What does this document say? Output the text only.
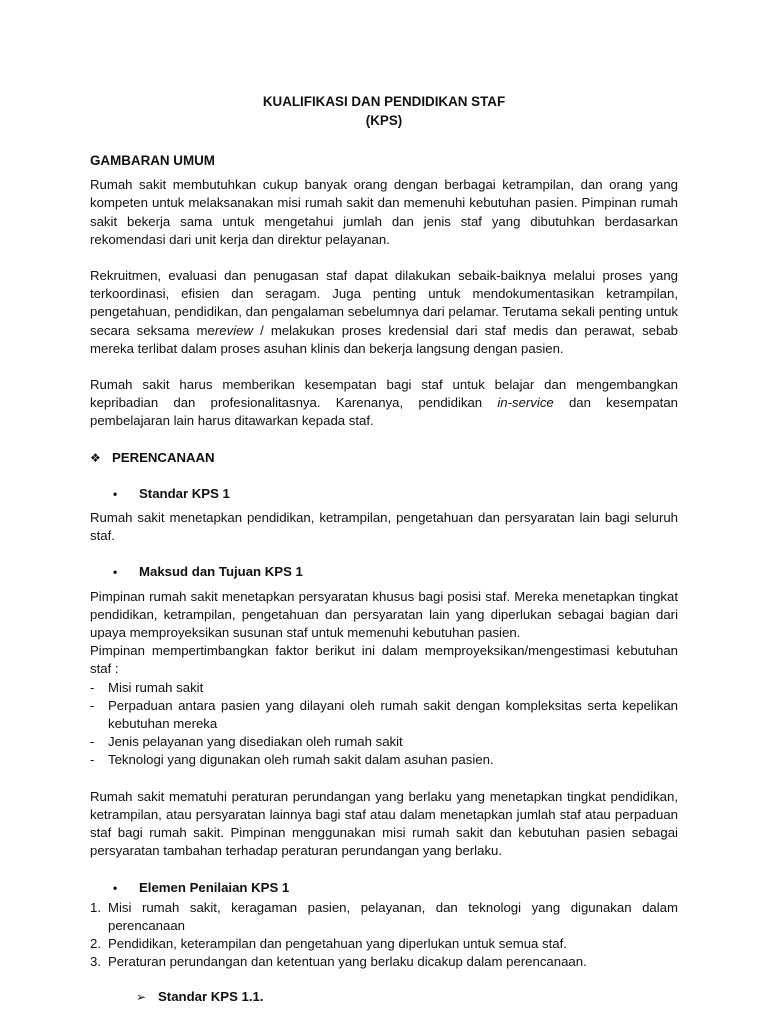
KUALIFIKASI DAN PENDIDIKAN STAF
(KPS)
GAMBARAN UMUM

Rumah sakit membutuhkan cukup banyak orang dengan berbagai ketrampilan, dan orang yang kompeten untuk melaksanakan misi rumah sakit dan memenuhi kebutuhan pasien. Pimpinan rumah sakit bekerja sama untuk mengetahui jumlah dan jenis staf yang dibutuhkan berdasarkan rekomendasi dari unit kerja dan direktur pelayanan.

Rekruitmen, evaluasi dan penugasan staf dapat dilakukan sebaik-baiknya melalui proses yang terkoordinasi, efisien dan seragam. Juga penting untuk mendokumentasikan ketrampilan, pengetahuan, pendidikan, dan pengalaman sebelumnya dari pelamar. Terutama sekali penting untuk secara seksama mereview / melakukan proses kredensial dari staf medis dan perawat, sebab mereka terlibat dalam proses asuhan klinis dan bekerja langsung dengan pasien.

Rumah sakit harus memberikan kesempatan bagi staf untuk belajar dan mengembangkan kepribadian dan profesionalitasnya. Karenanya, pendidikan in-service dan kesempatan pembelajaran lain harus ditawarkan kepada staf.

❖ PERENCANAAN
•	Standar KPS 1

Rumah sakit menetapkan pendidikan, ketrampilan, pengetahuan dan persyaratan lain bagi seluruh staf.

•	Maksud dan Tujuan KPS 1

Pimpinan rumah sakit menetapkan persyaratan khusus bagi posisi staf. Mereka menetapkan tingkat pendidikan, ketrampilan, pengetahuan dan persyaratan lain yang diperlukan sebagai bagian dari upaya memproyeksikan susunan staf untuk memenuhi kebutuhan pasien.

Pimpinan mempertimbangkan faktor berikut ini dalam memproyeksikan/mengestimasi kebutuhan staf :

-	Misi rumah sakit
-	Perpaduan antara pasien yang dilayani oleh rumah sakit dengan kompleksitas serta kepelikan kebutuhan mereka
-	Jenis pelayanan yang disediakan oleh rumah sakit
-	Teknologi yang digunakan oleh rumah sakit dalam asuhan pasien.

Rumah sakit mematuhi peraturan perundangan yang berlaku yang menetapkan tingkat pendidikan, ketrampilan, atau persyaratan lainnya bagi staf atau dalam menetapkan jumlah staf atau perpaduan staf bagi rumah sakit. Pimpinan menggunakan misi rumah sakit dan kebutuhan pasien sebagai persyaratan tambahan terhadap peraturan perundangan yang berlaku.

•	Elemen Penilaian KPS 1
1. Misi rumah sakit, keragaman pasien, pelayanan, dan teknologi yang digunakan dalam perencanaan
2. Pendidikan, keterampilan dan pengetahuan yang diperlukan untuk semua staf.
3. Peraturan perundangan dan ketentuan yang berlaku dicakup dalam perencanaan.
➢ Standar KPS 1.1.
